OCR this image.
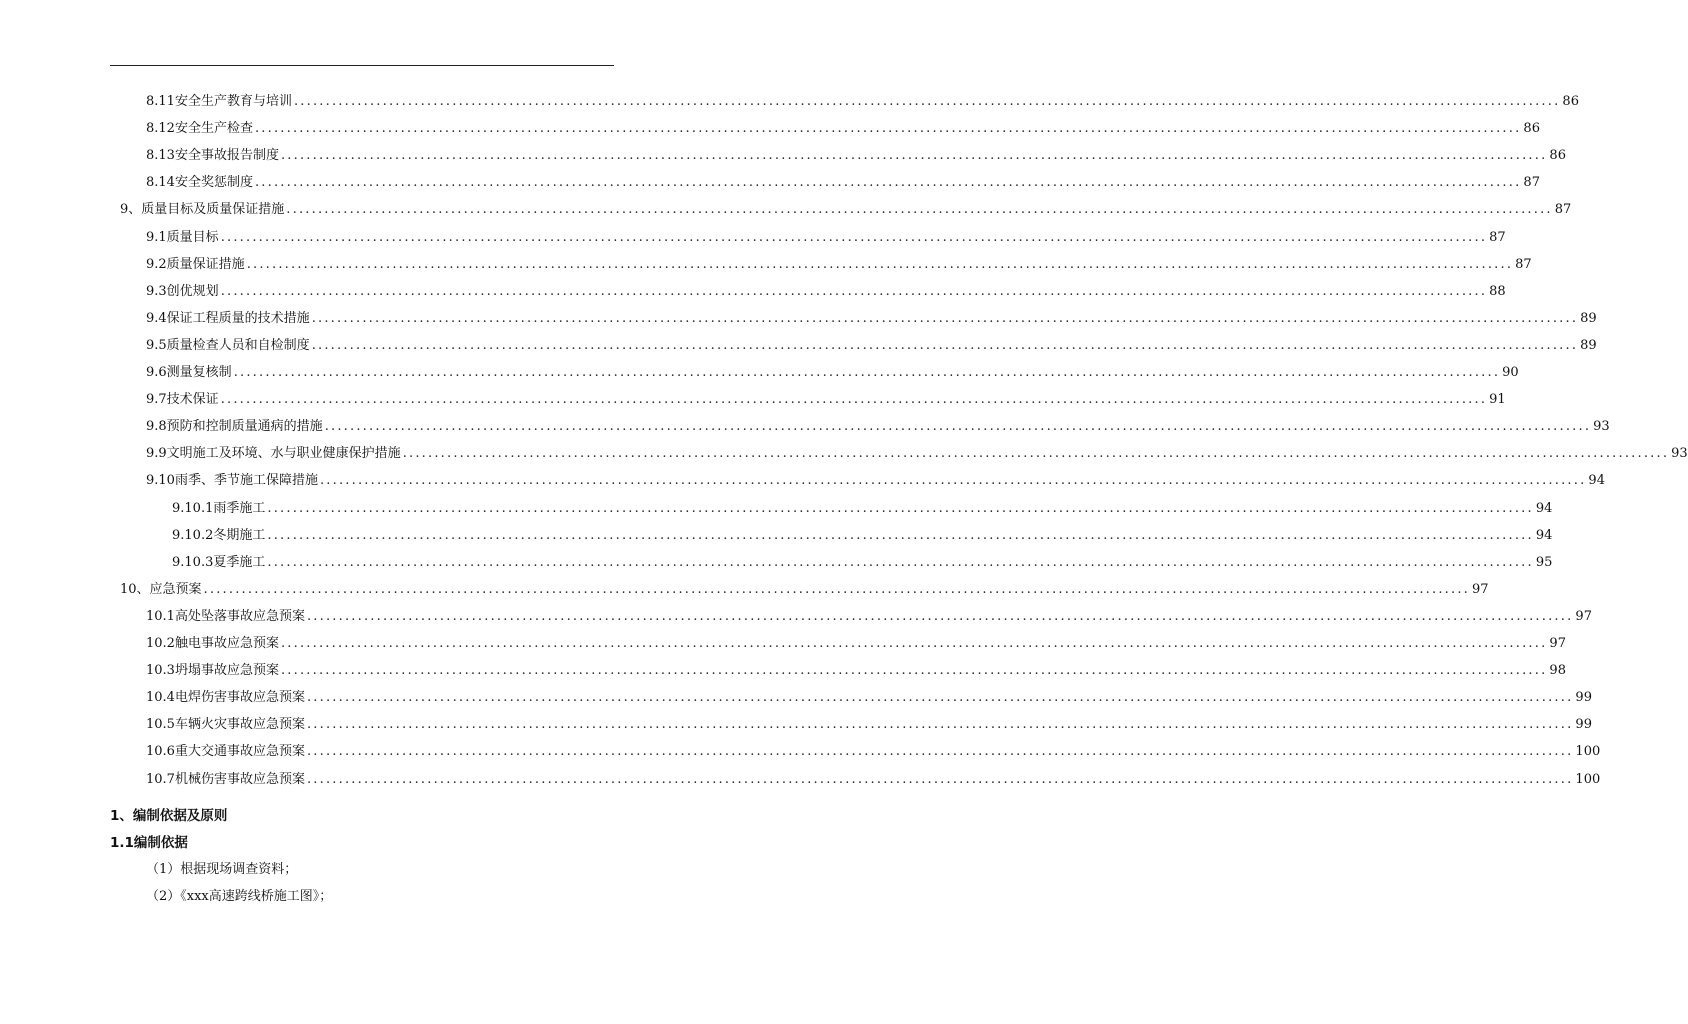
8.11安全生产教育与培训 ........................................................................................................................................................................................................ 86
8.12安全生产检查 ........................................................................................................................................................................................................ 86
8.13安全事故报告制度 ........................................................................................................................................................................................................ 86
8.14安全奖惩制度 ........................................................................................................................................................................................................ 87
9、质量目标及质量保证措施 ........................................................................................................................................................................................................ 87
9.1质量目标 ........................................................................................................................................................................................................ 87
9.2质量保证措施 ........................................................................................................................................................................................................ 87
9.3创优规划 ........................................................................................................................................................................................................ 88
9.4保证工程质量的技术措施 ........................................................................................................................................................................................................ 89
9.5质量检查人员和自检制度 ........................................................................................................................................................................................................ 89
9.6测量复核制 ........................................................................................................................................................................................................ 90
9.7技术保证 ........................................................................................................................................................................................................ 91
9.8预防和控制质量通病的措施 ........................................................................................................................................................................................................ 93
9.9文明施工及环境、水与职业健康保护措施 ........................................................................................................................................................................................................ 93
9.10雨季、季节施工保障措施 ........................................................................................................................................................................................................ 94
9.10.1雨季施工 ........................................................................................................................................................................................................ 94
9.10.2冬期施工 ........................................................................................................................................................................................................ 94
9.10.3夏季施工 ........................................................................................................................................................................................................ 95
10、应急预案 ........................................................................................................................................................................................................ 97
10.1高处坠落事故应急预案 ........................................................................................................................................................................................................ 97
10.2触电事故应急预案 ........................................................................................................................................................................................................ 97
10.3坍塌事故应急预案 ........................................................................................................................................................................................................ 98
10.4电焊伤害事故应急预案 ........................................................................................................................................................................................................ 99
10.5车辆火灾事故应急预案 ........................................................................................................................................................................................................ 99
10.6重大交通事故应急预案 ........................................................................................................................................................................................................ 100
10.7机械伤害事故应急预案 ........................................................................................................................................................................................................ 100
1、编制依据及原则
1.1编制依据
（1）根据现场调查资料；
（2）《xxx高速跨线桥施工图》；
